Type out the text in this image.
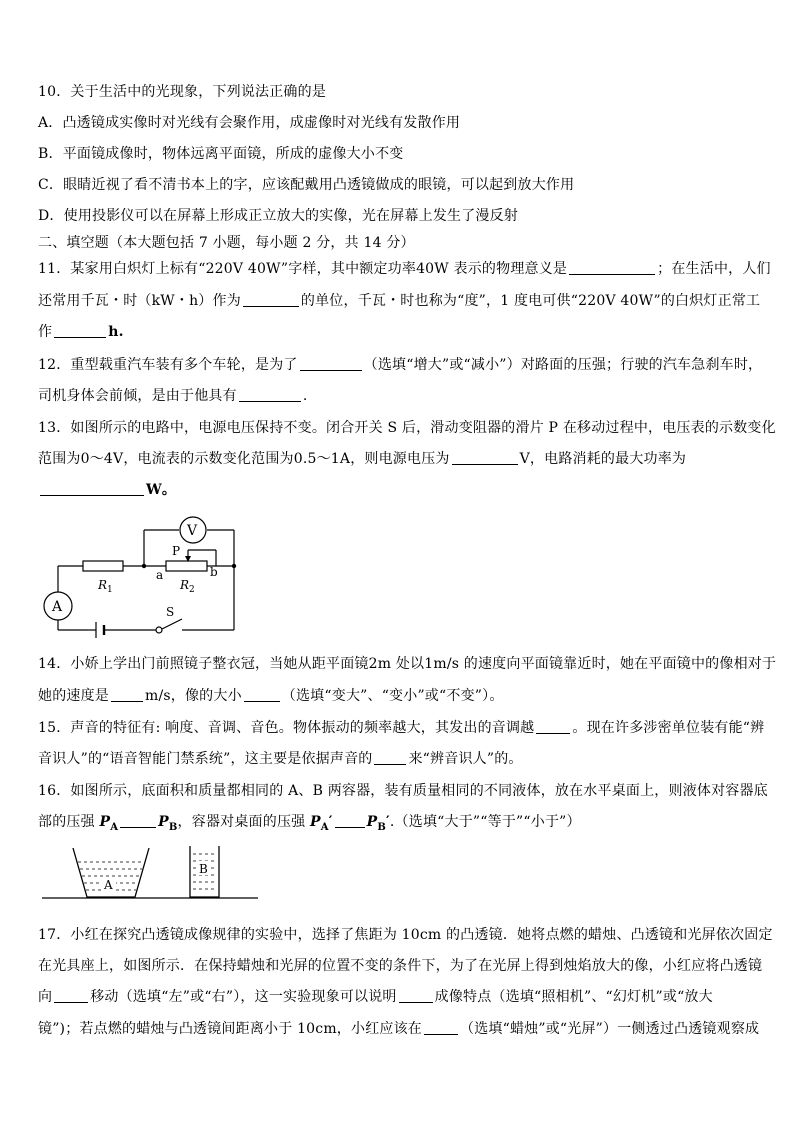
10．关于生活中的光现象，下列说法正确的是
A．凸透镜成实像时对光线有会聚作用，成虚像时对光线有发散作用
B．平面镜成像时，物体远离平面镜，所成的虚像大小不变
C．眼睛近视了看不清书本上的字，应该配戴用凸透镜做成的眼镜，可以起到放大作用
D．使用投影仪可以在屏幕上形成正立放大的实像，光在屏幕上发生了漫反射
二、填空题（本大题包括 7 小题，每小题 2 分，共 14 分）
11．某家用白炽灯上标有“220V 40W”字样，其中额定功率40W 表示的物理意义是	；在生活中，人们
还常用千瓦・时（kW・h）作为	的单位，千瓦・时也称为“度”，1 度电可供“220V 40W”的白炽灯正常工
作	h.
12．重型载重汽车装有多个车轮，是为了	（选填“增大”或“减小”）对路面的压强；行驶的汽车急刹车时，
司机身体会前倾，是由于他具有	.
13．如图所示的电路中，电源电压保持不变。闭合开关 S 后，滑动变阻器的滑片 P 在移动过程中，电压表的示数变化
范围为0～4V，电流表的示数变化范围为0.5～1A，则电源电压为	V，电路消耗的最大功率为
W。
V
A
P
a	b
S
$R_1$	$R_2$
14．小娇上学出门前照镜子整衣冠，当她从距平面镜2m 处以1m/s 的速度向平面镜靠近时，她在平面镜中的像相对于
她的速度是	m/s，像的大小	（选填“变大”、“变小”或“不变”）。
15．声音的特征有: 响度、音调、音色。物体振动的频率越大，其发出的音调越	。现在许多涉密单位装有能“辨
音识人”的“语音智能门禁系统”，这主要是依据声音的	来“辨音识人”的。
16．如图所示，底面积和质量都相同的 A、B 两容器，装有质量相同的不同液体，放在水平桌面上，则液体对容器底
部的压强 $P_A$	$P_B$，容器对桌面的压强 $P_A'$ $P_B'$.（选填“大于”“等于”“小于”）
A
B
17．小红在探究凸透镜成像规律的实验中，选择了焦距为 10cm 的凸透镜．她将点燃的蜡烛、凸透镜和光屏依次固定
在光具座上，如图所示．在保持蜡烛和光屏的位置不变的条件下，为了在光屏上得到烛焰放大的像，小红应将凸透镜
向	移动（选填“左”或“右”），这一实验现象可以说明	成像特点（选填“照相机”、“幻灯机”或“放大
镜”)；若点燃的蜡烛与凸透镜间距离小于 10cm，小红应该在	（选填“蜡烛”或“光屏”）一侧透过凸透镜观察成
